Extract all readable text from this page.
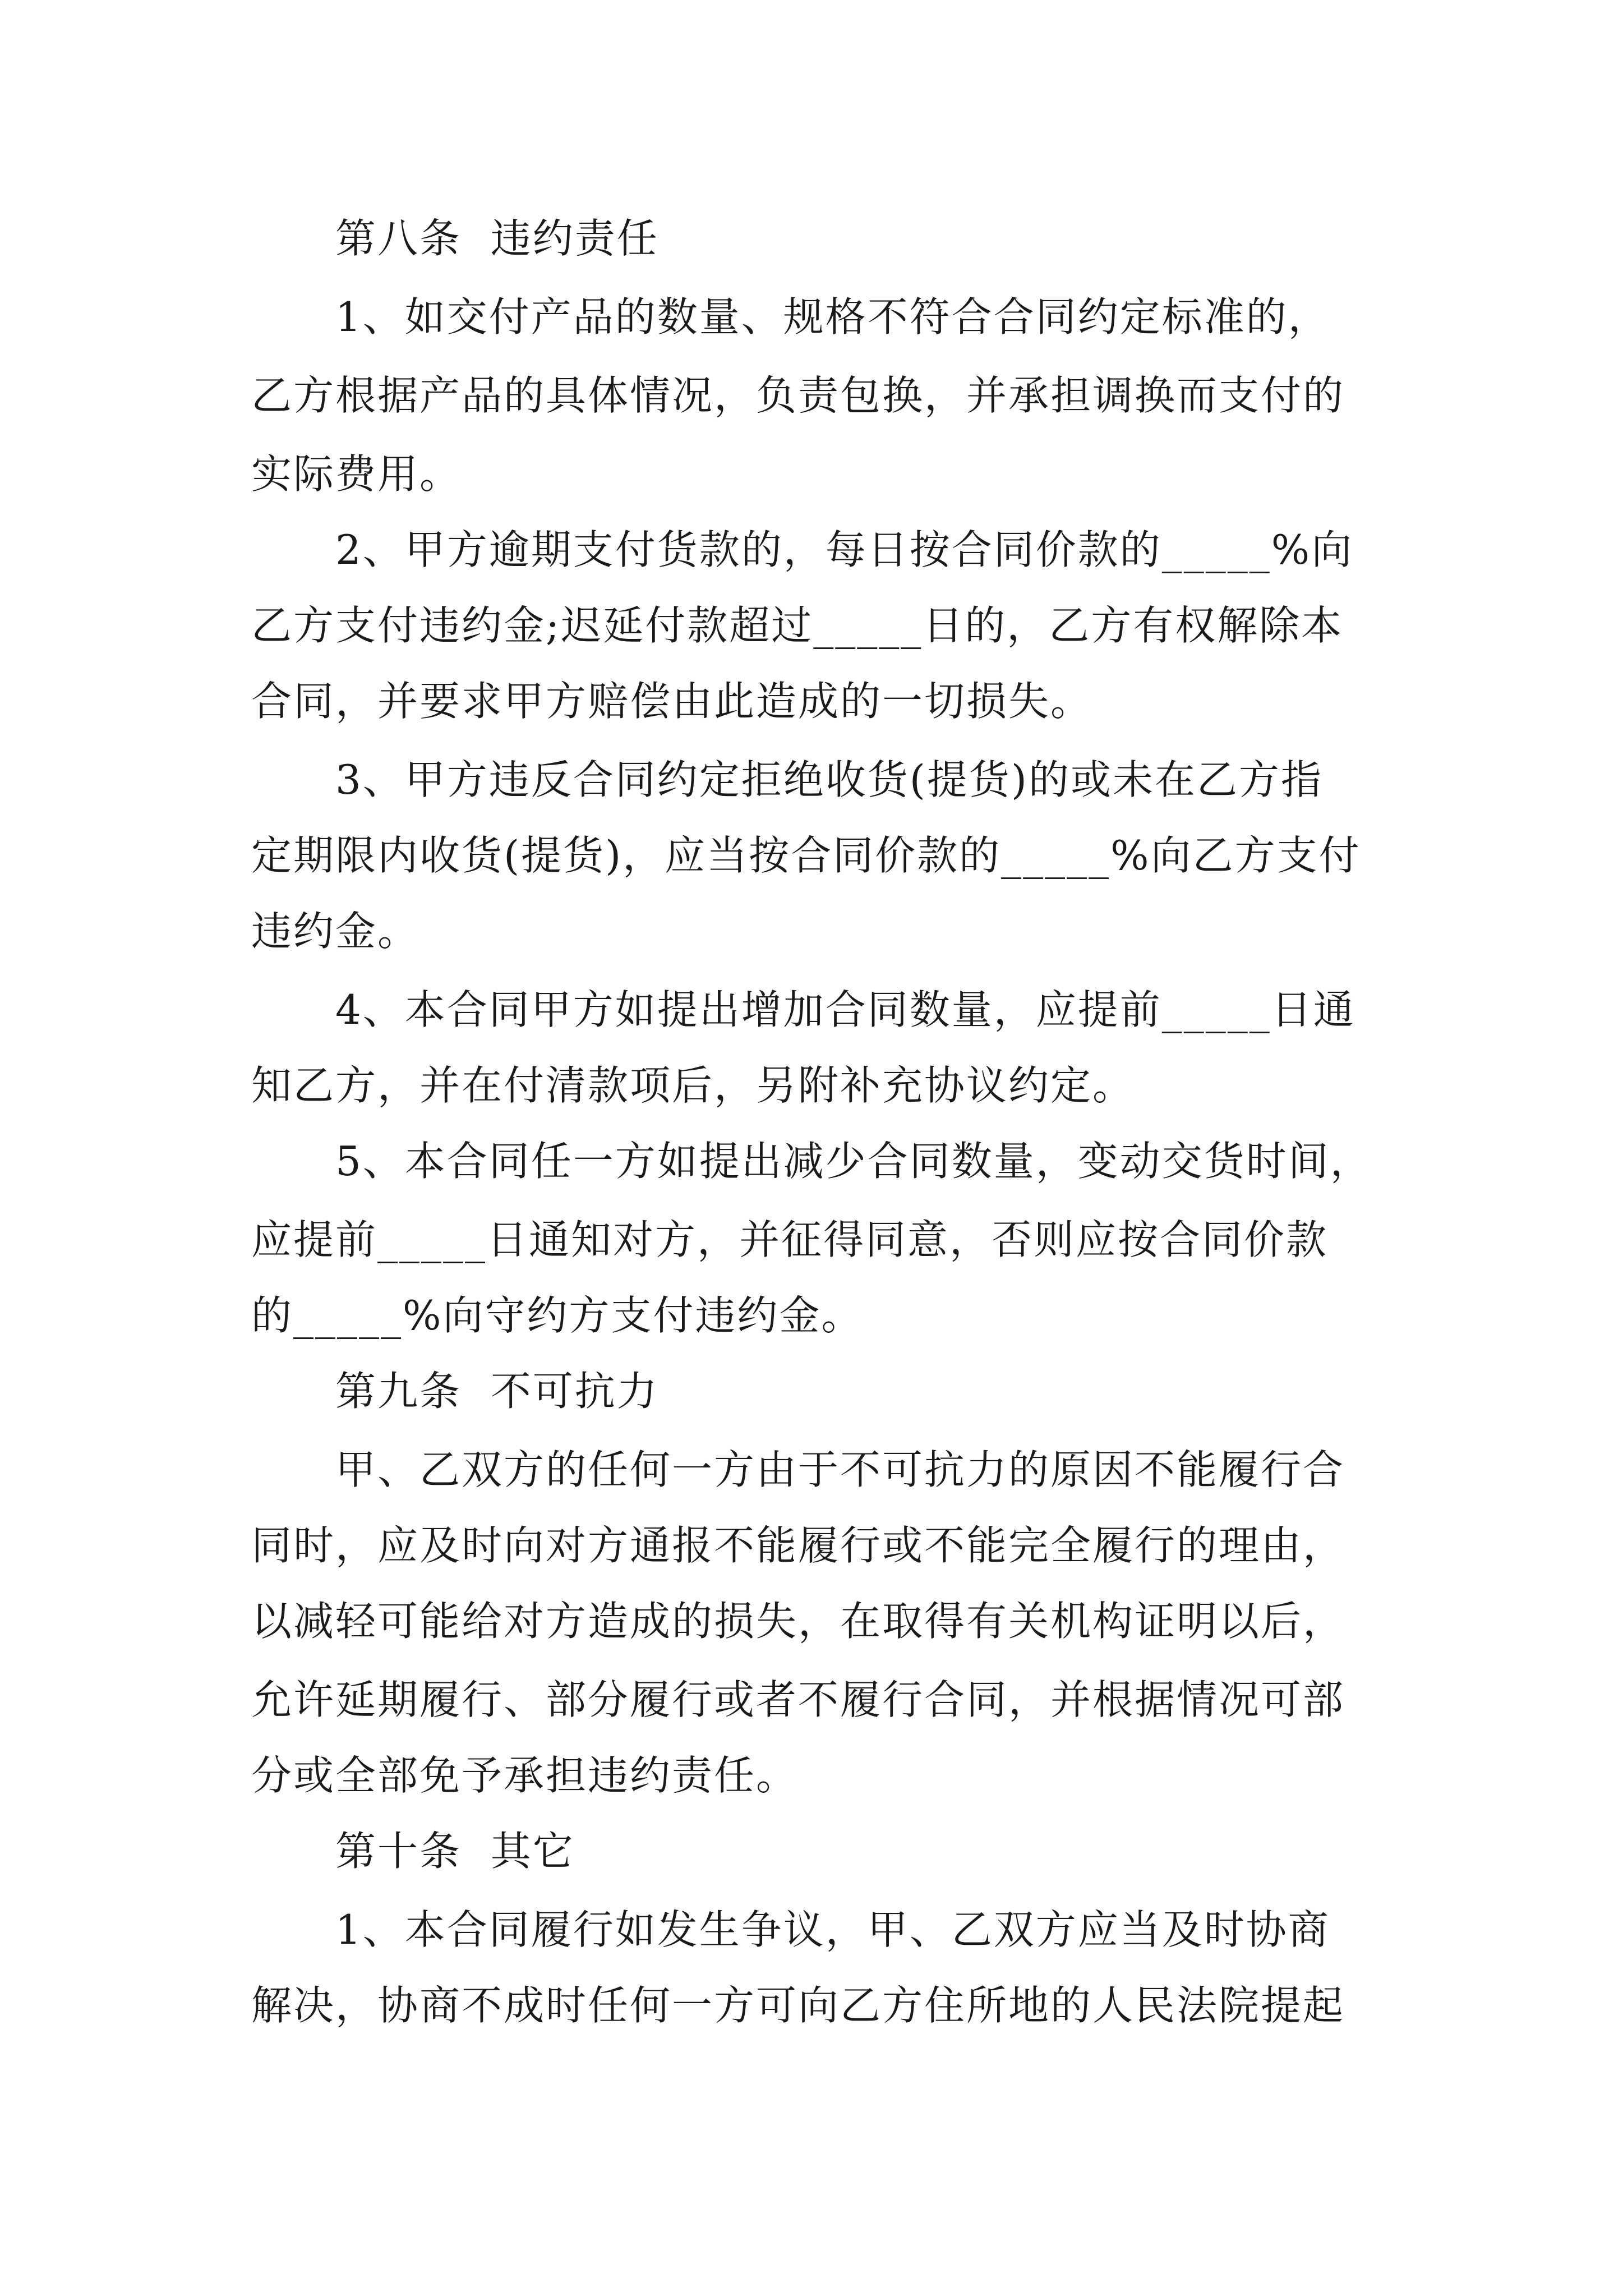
第八条  违约责任
1、如交付产品的数量、规格不符合合同约定标准的，
乙方根据产品的具体情况，负责包换，并承担调换而支付的
实际费用。
2、甲方逾期支付货款的，每日按合同价款的_____%向
乙方支付违约金;迟延付款超过_____日的，乙方有权解除本
合同，并要求甲方赔偿由此造成的一切损失。
3、甲方违反合同约定拒绝收货(提货)的或未在乙方指
定期限内收货(提货)，应当按合同价款的_____%向乙方支付
违约金。
4、本合同甲方如提出增加合同数量，应提前_____日通
知乙方，并在付清款项后，另附补充协议约定。
5、本合同任一方如提出减少合同数量，变动交货时间，
应提前_____日通知对方，并征得同意，否则应按合同价款
的_____%向守约方支付违约金。
第九条  不可抗力
甲、乙双方的任何一方由于不可抗力的原因不能履行合
同时，应及时向对方通报不能履行或不能完全履行的理由，
以减轻可能给对方造成的损失，在取得有关机构证明以后，
允许延期履行、部分履行或者不履行合同，并根据情况可部
分或全部免予承担违约责任。
第十条  其它
1、本合同履行如发生争议，甲、乙双方应当及时协商
解决，协商不成时任何一方可向乙方住所地的人民法院提起
